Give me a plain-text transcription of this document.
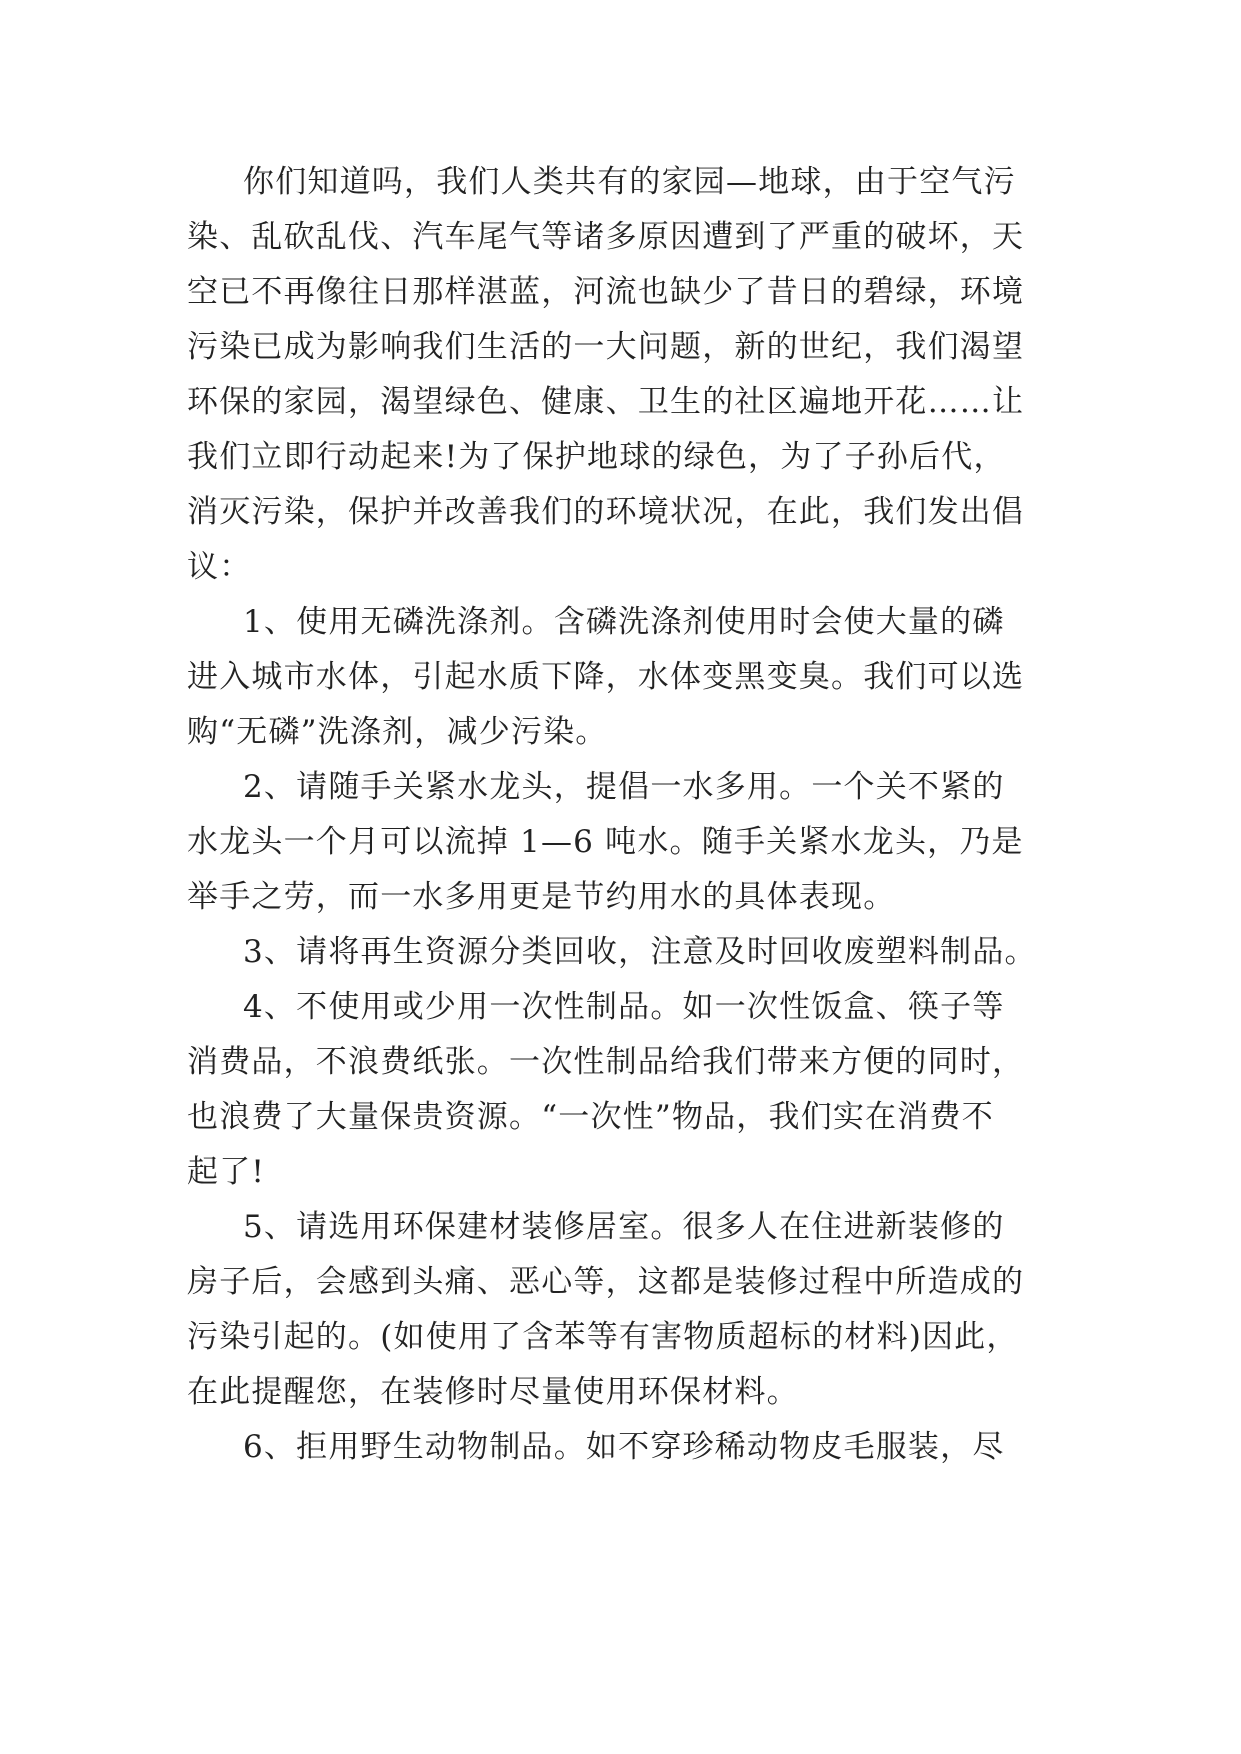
你们知道吗，我们人类共有的家园—地球，由于空气污
染、乱砍乱伐、汽车尾气等诸多原因遭到了严重的破坏，天
空已不再像往日那样湛蓝，河流也缺少了昔日的碧绿，环境
污染已成为影响我们生活的一大问题，新的世纪，我们渴望
环保的家园，渴望绿色、健康、卫生的社区遍地开花……让
我们立即行动起来!为了保护地球的绿色，为了子孙后代，
消灭污染，保护并改善我们的环境状况，在此，我们发出倡
议：
1、使用无磷洗涤剂。含磷洗涤剂使用时会使大量的磷
进入城市水体，引起水质下降，水体变黑变臭。我们可以选
购“无磷”洗涤剂，减少污染。
2、请随手关紧水龙头，提倡一水多用。一个关不紧的
水龙头一个月可以流掉 1—6 吨水。随手关紧水龙头，乃是
举手之劳，而一水多用更是节约用水的具体表现。
3、请将再生资源分类回收，注意及时回收废塑料制品。
4、不使用或少用一次性制品。如一次性饭盒、筷子等
消费品，不浪费纸张。一次性制品给我们带来方便的同时，
也浪费了大量保贵资源。“一次性”物品，我们实在消费不
起了!
5、请选用环保建材装修居室。很多人在住进新装修的
房子后，会感到头痛、恶心等，这都是装修过程中所造成的
污染引起的。(如使用了含苯等有害物质超标的材料)因此，
在此提醒您，在装修时尽量使用环保材料。
6、拒用野生动物制品。如不穿珍稀动物皮毛服装，尽
